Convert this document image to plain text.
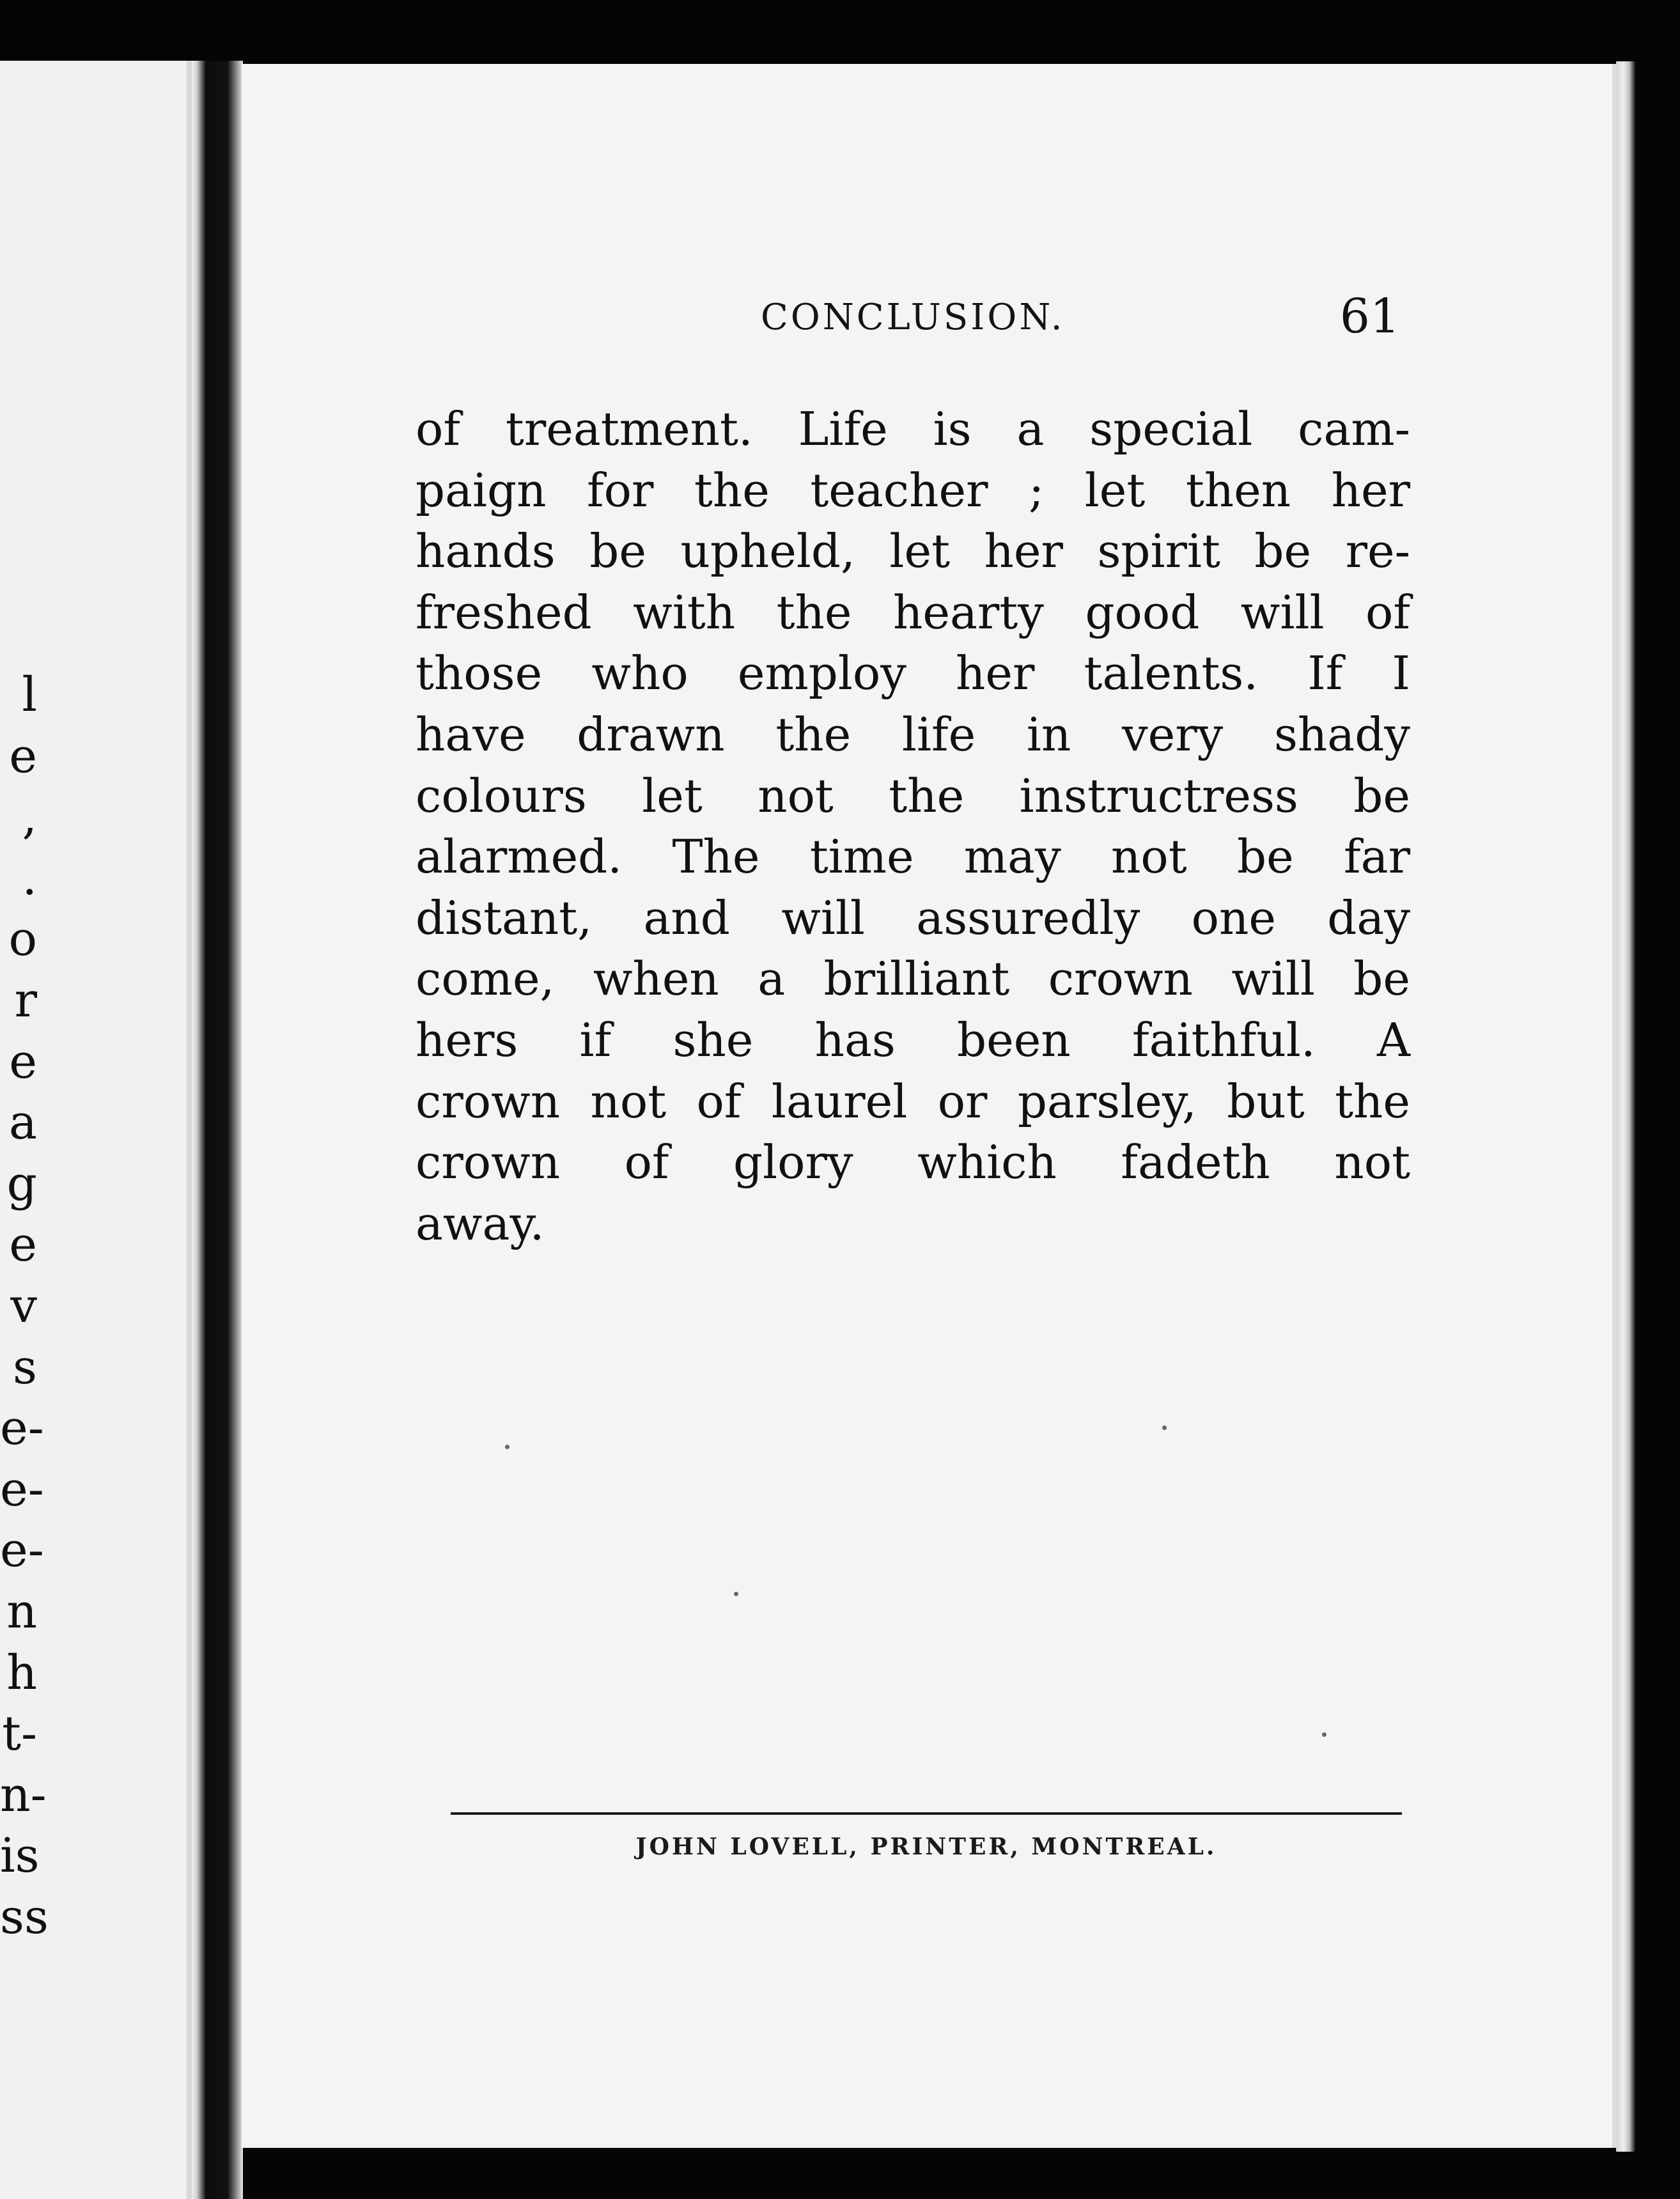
l
e
,
.
o
r
e
a
g
e
v
s
e-
e-
e-
n
h
t-
n-
is
ss
CONCLUSION.	61
of treatment. Life is a special cam-
paign for the teacher ; let then her
hands be upheld, let her spirit be re-
freshed with the hearty good will of
those who employ her talents. If I
have drawn the life in very shady
colours let not the instructress be
alarmed. The time may not be far
distant, and will assuredly one day
come, when a brilliant crown will be
hers if she has been faithful. A
crown not of laurel or parsley, but the
crown of glory which fadeth not
away.
JOHN LOVELL, PRINTER, MONTREAL.
